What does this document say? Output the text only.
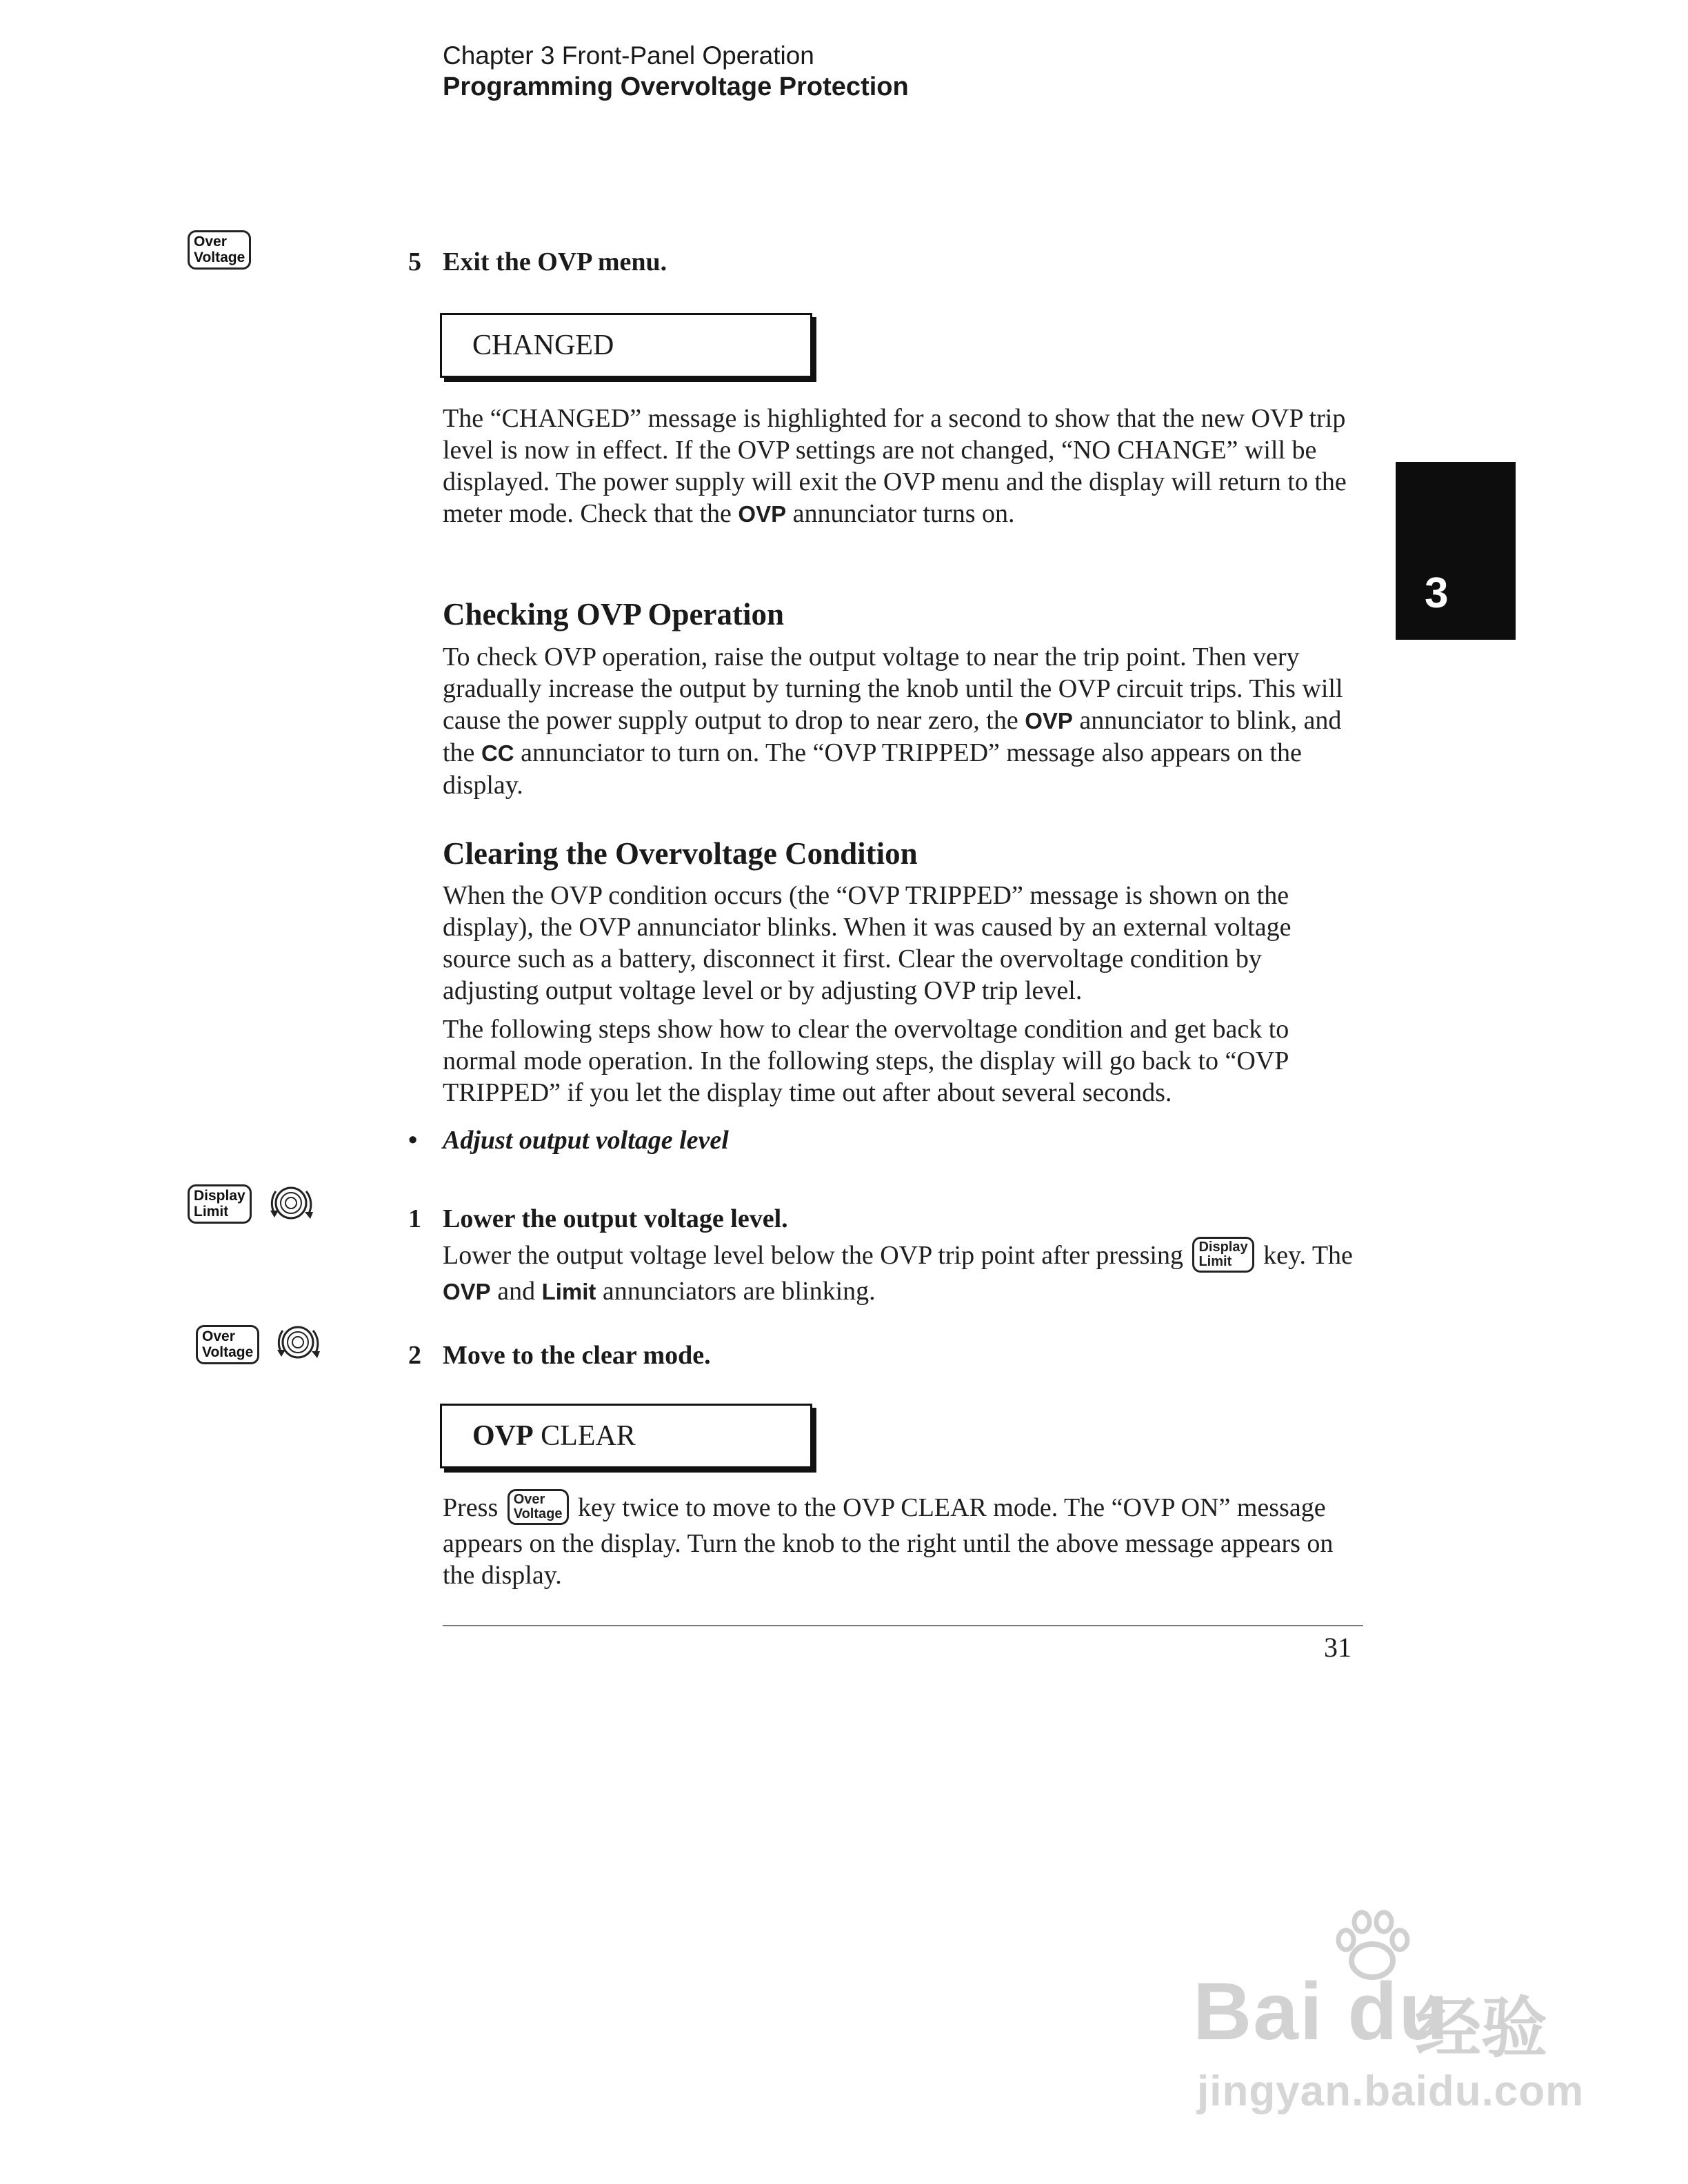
Chapter 3 Front-Panel Operation
Programming Overvoltage Protection
3
Over
Voltage	5 Exit the OVP menu.
CHANGED
The “CHANGED” message is highlighted for a second to show that the new OVP trip level is now in effect. If the OVP settings are not changed, “NO CHANGE” will be displayed. The power supply will exit the OVP menu and the display will return to the meter mode. Check that the OVP annunciator turns on.
Checking OVP Operation
To check OVP operation, raise the output voltage to near the trip point. Then very gradually increase the output by turning the knob until the OVP circuit trips. This will cause the power supply output to drop to near zero, the OVP annunciator to blink, and the CC annunciator to turn on. The “OVP TRIPPED” message also appears on the display.
Clearing the Overvoltage Condition
When the OVP condition occurs (the “OVP TRIPPED” message is shown on the display), the OVP annunciator blinks. When it was caused by an external voltage source such as a battery, disconnect it first. Clear the overvoltage condition by adjusting output voltage level or by adjusting OVP trip level.
The following steps show how to clear the overvoltage condition and get back to normal mode operation. In the following steps, the display will go back to “OVP TRIPPED” if you let the display time out after about several seconds.
• Adjust output voltage level
Display
Limit	1 Lower the output voltage level.
Lower the output voltage level below the OVP trip point after pressing Display
Limit	key. The OVP and Limit annunciators are blinking.
Over
Voltage	2 Move to the clear mode.
OVP
CLEAR
Press Over
Voltage key twice to move to the OVP CLEAR mode. The “OVP ON” message appears on the display. Turn the knob to the right until the above message appears on the display.
31
Bai du
经验
jingyan.baidu.com
